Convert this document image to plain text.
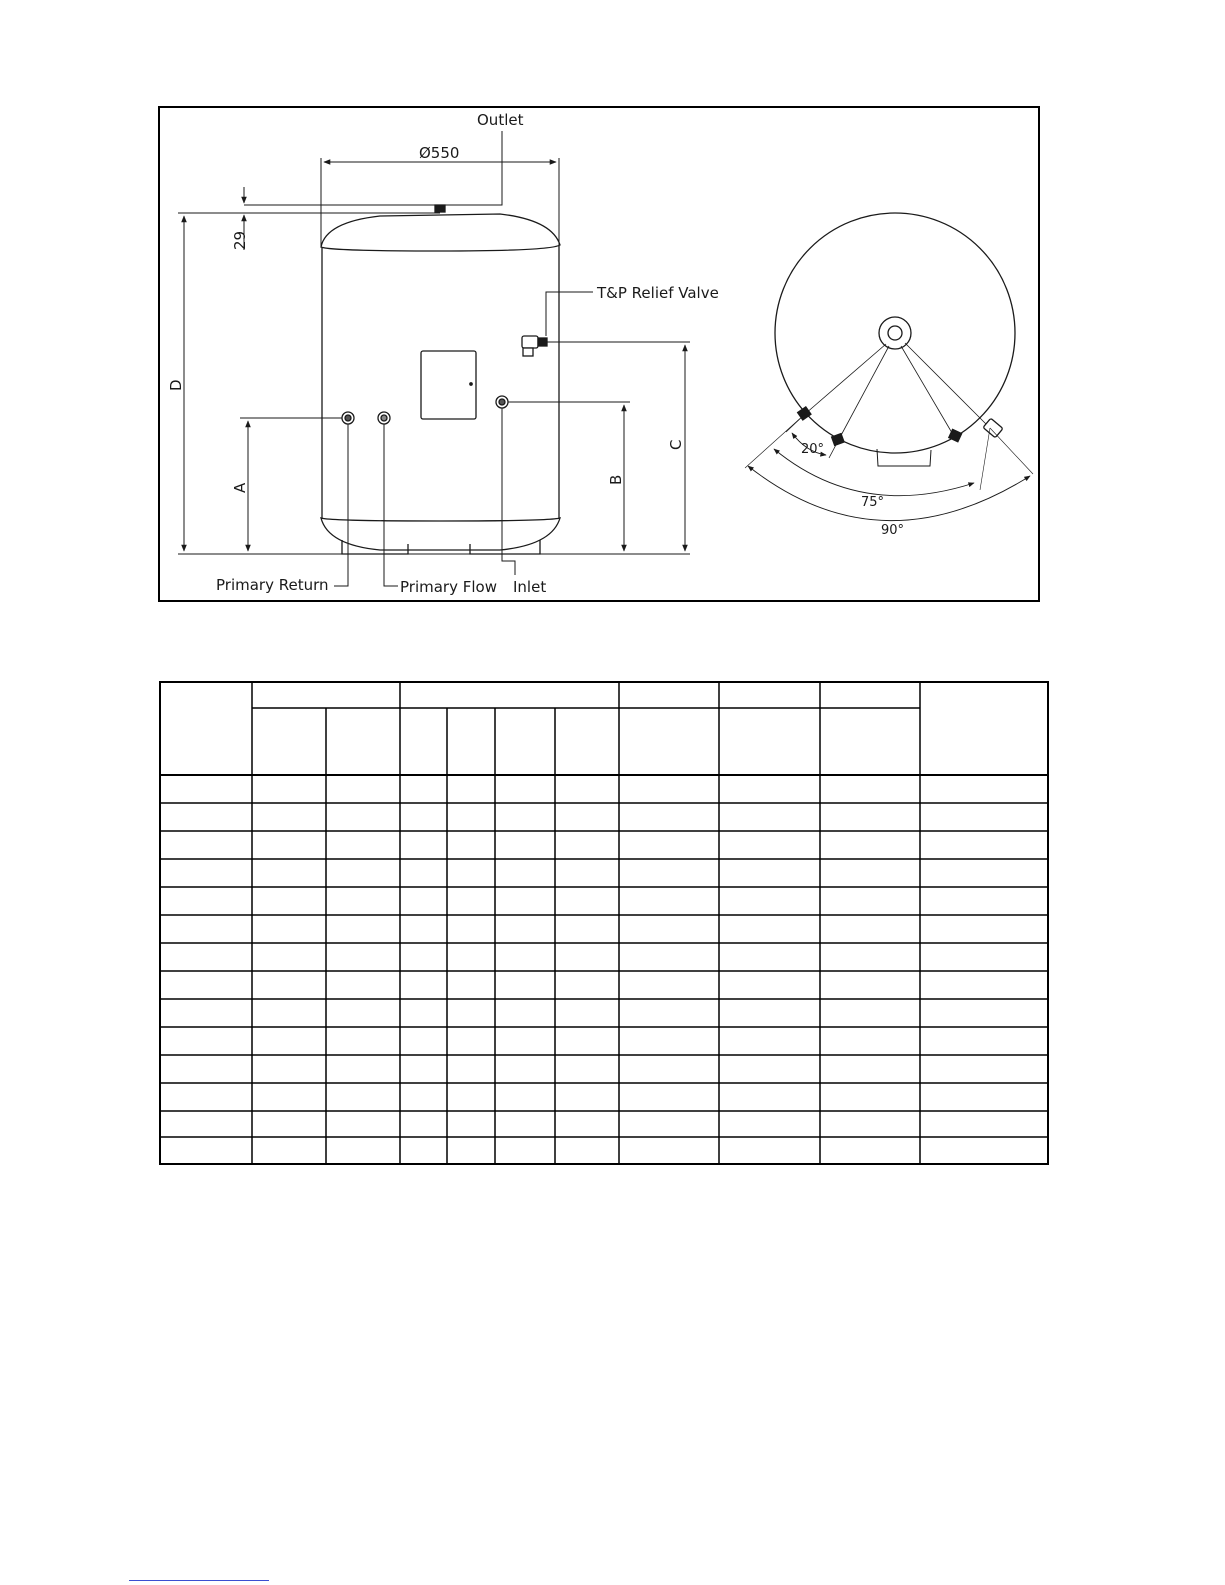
Outlet
Ø550
29
T&P Relief Valve
D
A
B
C
Primary Return	Primary Flow Inlet
20°
75°
90°
